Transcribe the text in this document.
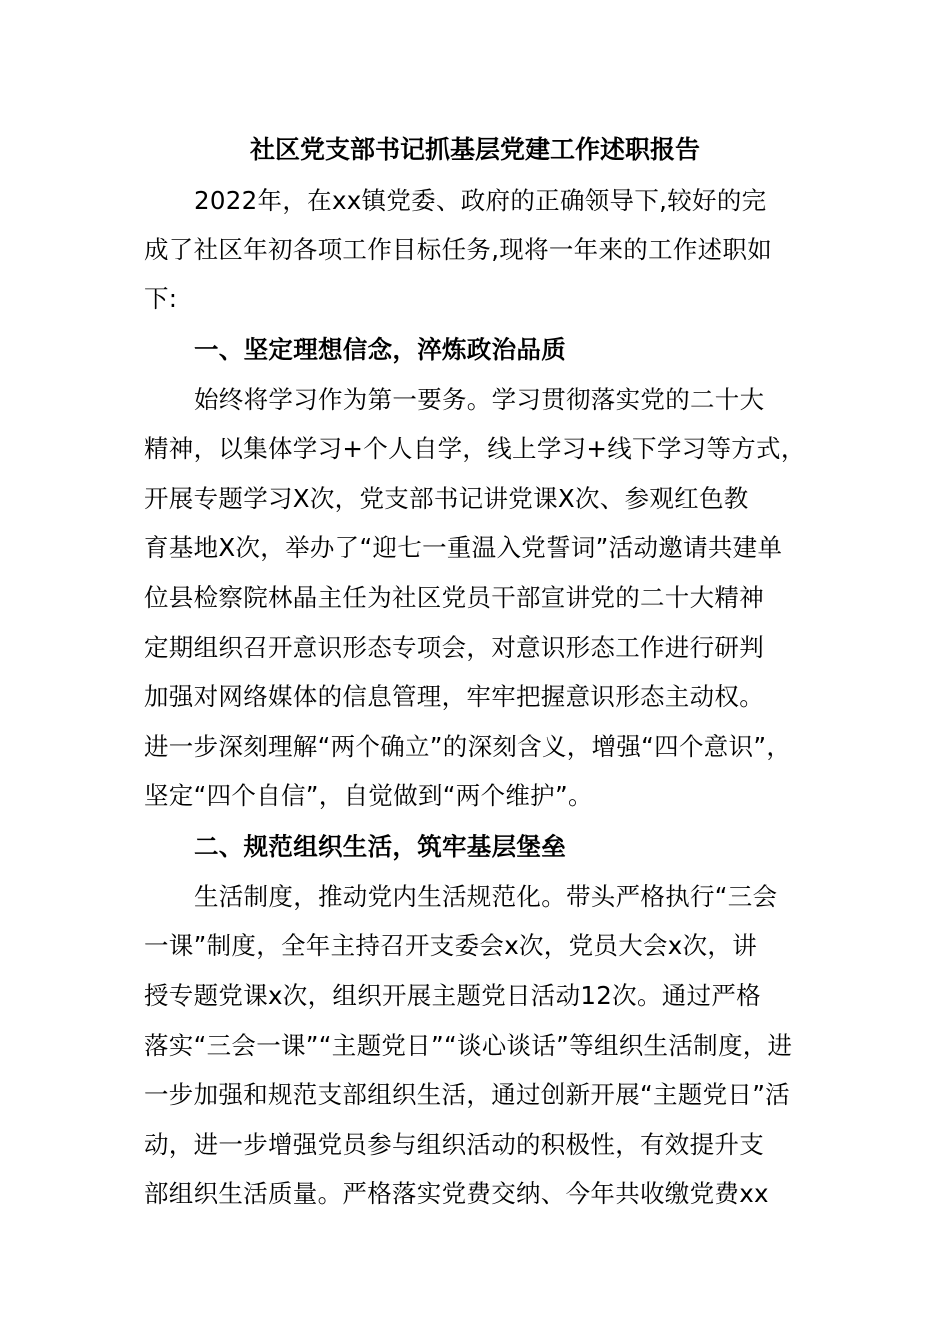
社区党支部书记抓基层党建工作述职报告
2022年，在xx镇党委、政府的正确领导下,较好的完
成了社区年初各项工作目标任务,现将一年来的工作述职如
下:
一、坚定理想信念，淬炼政治品质
始终将学习作为第一要务。学习贯彻落实党的二十大
精神，以集体学习+个人自学，线上学习+线下学习等方式，
开展专题学习X次，党支部书记讲党课X次、参观红色教
育基地X次，举办了“迎七一重温入党誓词”活动邀请共建单
位县检察院林晶主任为社区党员干部宣讲党的二十大精神
定期组织召开意识形态专项会，对意识形态工作进行研判
加强对网络媒体的信息管理，牢牢把握意识形态主动权。
进一步深刻理解“两个确立”的深刻含义，增强“四个意识”，
坚定“四个自信”，自觉做到“两个维护”。
二、规范组织生活，筑牢基层堡垒
生活制度，推动党内生活规范化。带头严格执行“三会
一课”制度，全年主持召开支委会x次，党员大会x次，讲
授专题党课x次，组织开展主题党日活动12次。通过严格
落实“三会一课”“主题党日”“谈心谈话”等组织生活制度，进
一步加强和规范支部组织生活，通过创新开展“主题党日”活
动，进一步增强党员参与组织活动的积极性，有效提升支
部组织生活质量。严格落实党费交纳、今年共收缴党费xx
